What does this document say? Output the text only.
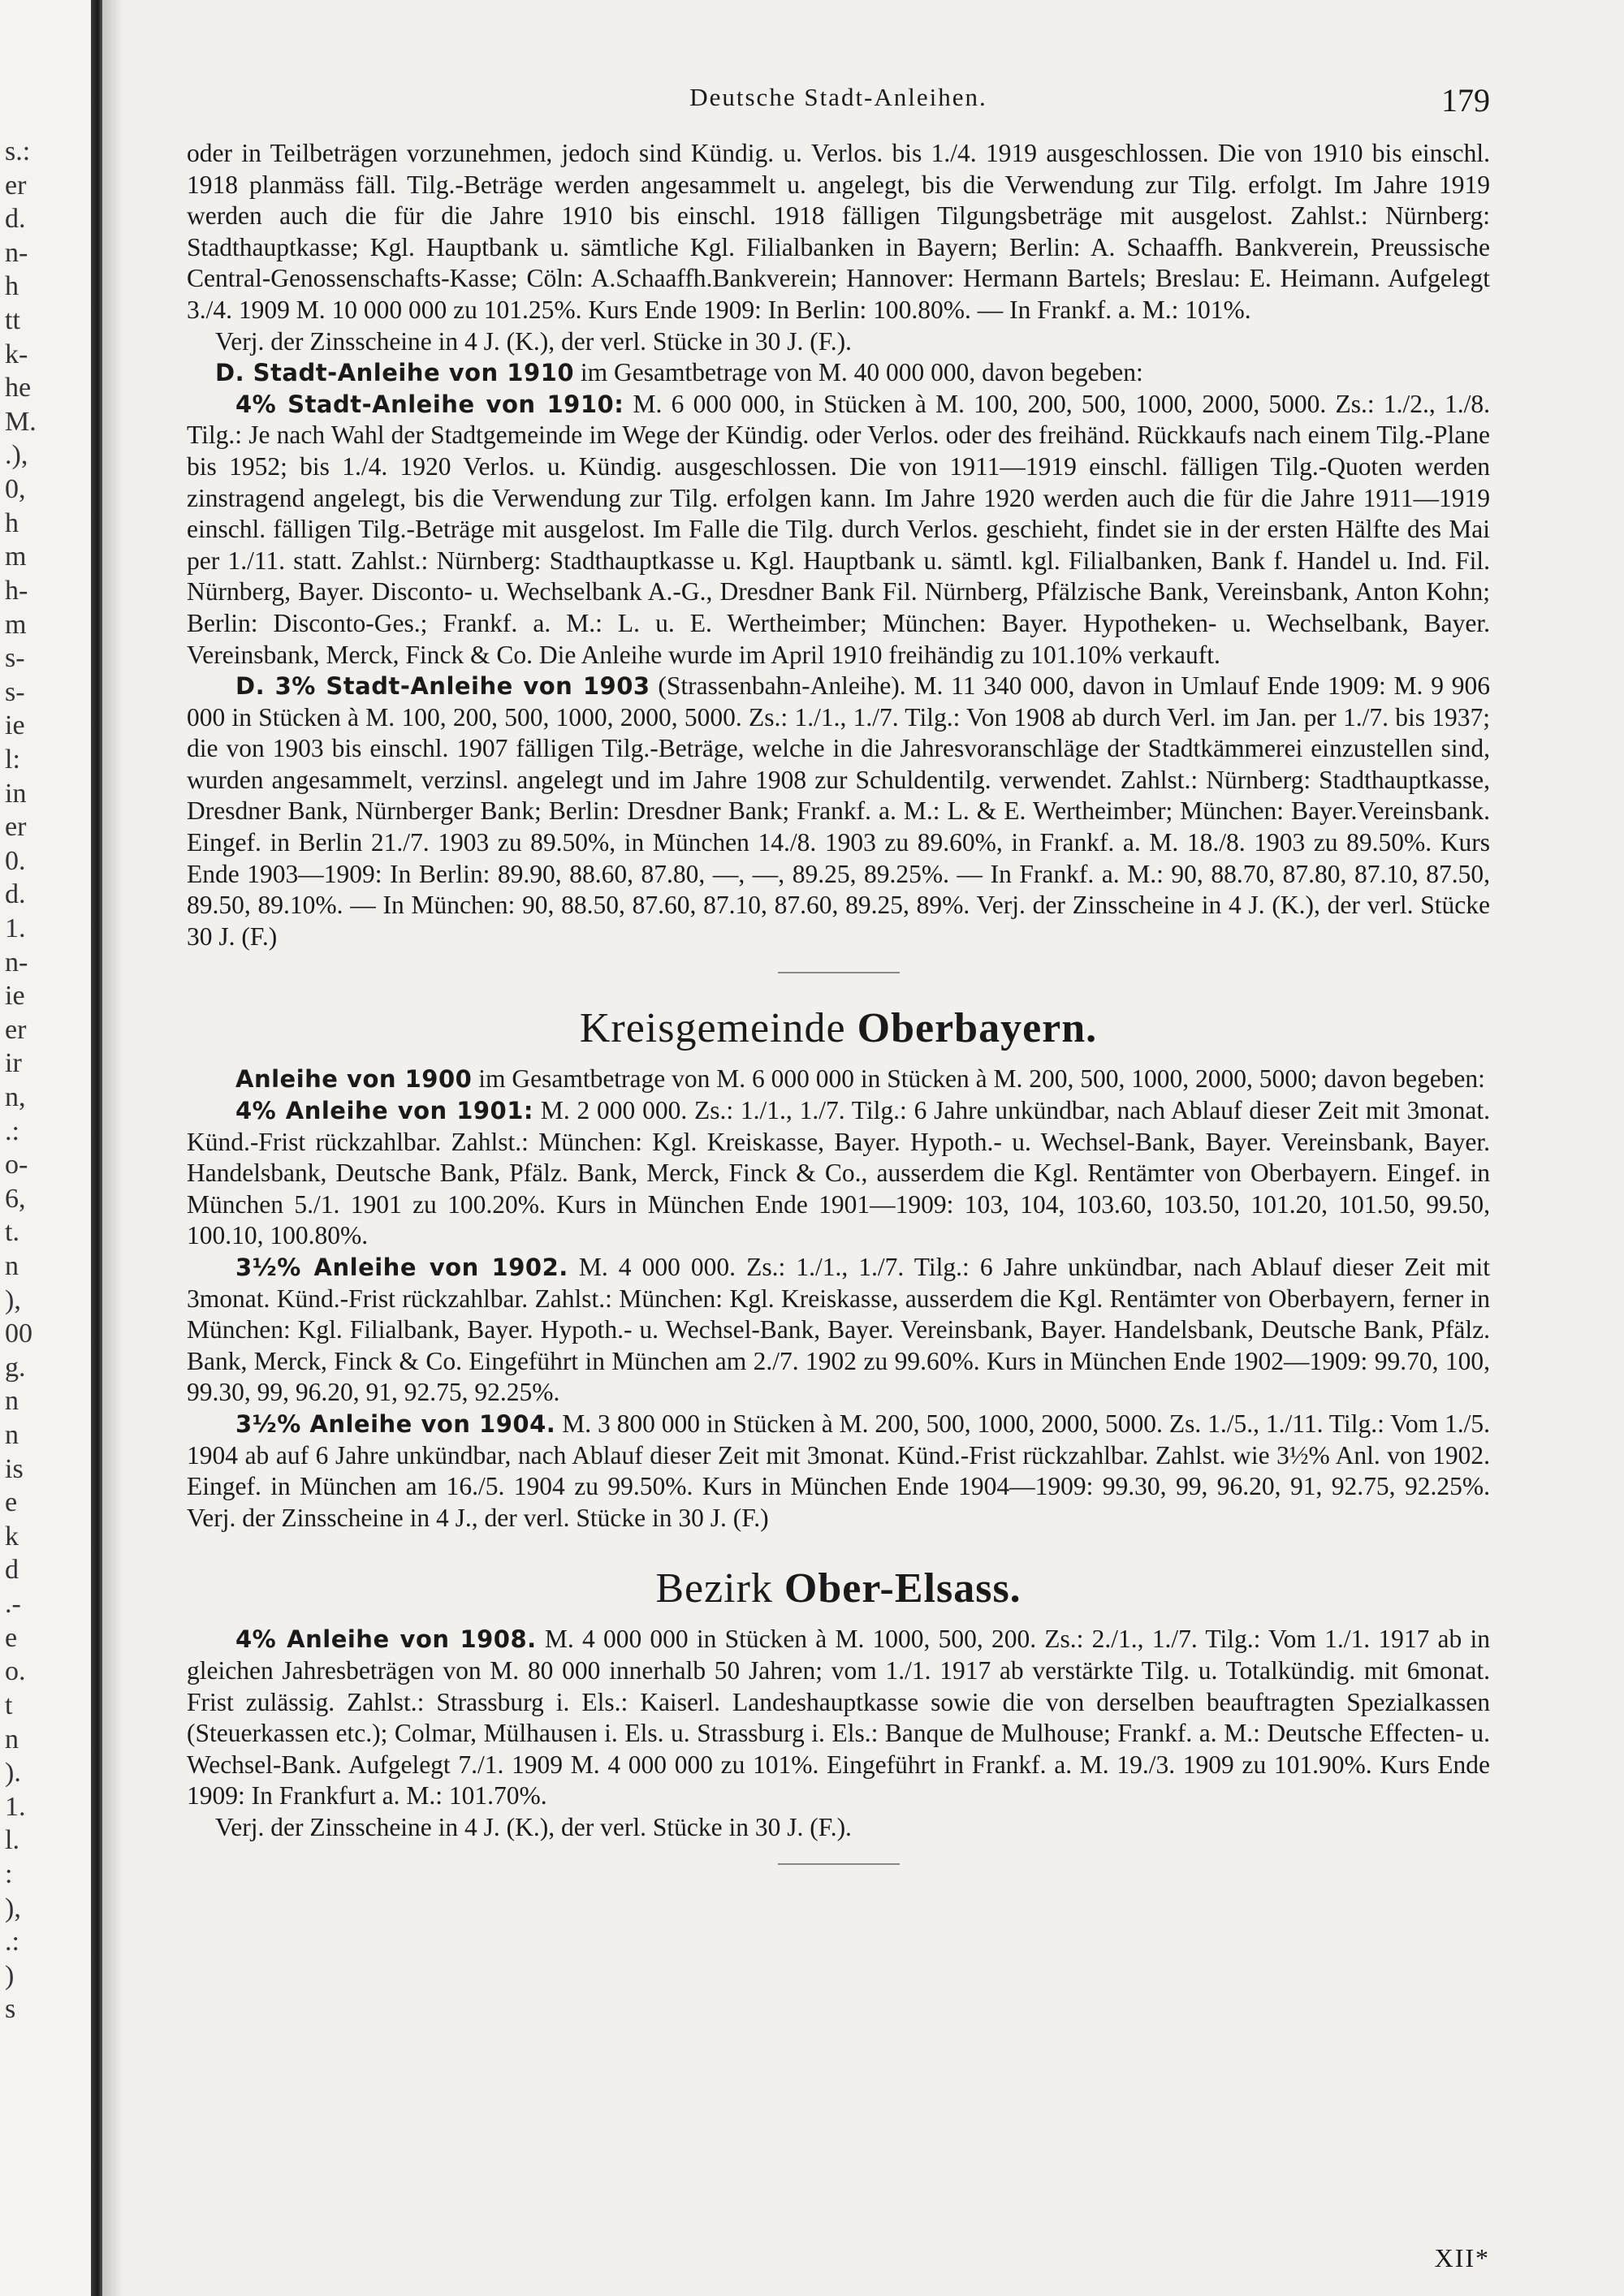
s.:
er
d.
n-
h
tt
k-
he
M.
.),
0,
h
m
h-
m
s-
s-
ie
l:
in
er
0.
d.
1.
n-
ie
er
ir
n,
.:
o-
6,
t.
n
),
00
g.
n
n
is
e
k
d
.-
e
o.
t
n
).
1.
l.
:
),
.:
)
s
Deutsche Stadt-Anleihen.	179

oder in Teilbeträgen vorzunehmen, jedoch sind Kündig. u. Verlos. bis 1./4. 1919 ausgeschlossen. Die von 1910 bis einschl. 1918 planmäss fäll. Tilg.-Beträge werden angesammelt u. angelegt, bis die Verwendung zur Tilg. erfolgt. Im Jahre 1919 werden auch die für die Jahre 1910 bis einschl. 1918 fälligen Tilgungsbeträge mit ausgelost. Zahlst.: Nürnberg: Stadthauptkasse; Kgl. Hauptbank u. sämtliche Kgl. Filialbanken in Bayern; Berlin: A. Schaaffh. Bankverein, Preussische Central-Genossenschafts-Kasse; Cöln: A.Schaaffh.Bankverein; Hannover: Hermann Bartels; Breslau: E. Heimann. Aufgelegt 3./4. 1909 M. 10 000 000 zu 101.25%. Kurs Ende 1909: In Berlin: 100.80%. — In Frankf. a. M.: 101%.

Verj. der Zinsscheine in 4 J. (K.), der verl. Stücke in 30 J. (F.).

D. Stadt-Anleihe von 1910 im Gesamtbetrage von M. 40 000 000, davon begeben:

4% Stadt-Anleihe von 1910: M. 6 000 000, in Stücken à M. 100, 200, 500, 1000, 2000, 5000. Zs.: 1./2., 1./8. Tilg.: Je nach Wahl der Stadtgemeinde im Wege der Kündig. oder Verlos. oder des freihänd. Rückkaufs nach einem Tilg.-Plane bis 1952; bis 1./4. 1920 Verlos. u. Kündig. ausgeschlossen. Die von 1911—1919 einschl. fälligen Tilg.-Quoten werden zinstragend angelegt, bis die Verwendung zur Tilg. erfolgen kann. Im Jahre 1920 werden auch die für die Jahre 1911—1919 einschl. fälligen Tilg.-Beträge mit ausgelost. Im Falle die Tilg. durch Verlos. geschieht, findet sie in der ersten Hälfte des Mai per 1./11. statt. Zahlst.: Nürnberg: Stadthauptkasse u. Kgl. Hauptbank u. sämtl. kgl. Filialbanken, Bank f. Handel u. Ind. Fil. Nürnberg, Bayer. Disconto- u. Wechselbank A.-G., Dresdner Bank Fil. Nürnberg, Pfälzische Bank, Vereinsbank, Anton Kohn; Berlin: Disconto-Ges.; Frankf. a. M.: L. u. E. Wertheimber; München: Bayer. Hypotheken- u. Wechselbank, Bayer. Vereinsbank, Merck, Finck & Co. Die Anleihe wurde im April 1910 freihändig zu 101.10% verkauft.

D. 3% Stadt-Anleihe von 1903 (Strassenbahn-Anleihe). M. 11 340 000, davon in Umlauf Ende 1909: M. 9 906 000 in Stücken à M. 100, 200, 500, 1000, 2000, 5000. Zs.: 1./1., 1./7. Tilg.: Von 1908 ab durch Verl. im Jan. per 1./7. bis 1937; die von 1903 bis einschl. 1907 fälligen Tilg.-Beträge, welche in die Jahresvoranschläge der Stadtkämmerei einzustellen sind, wurden angesammelt, verzinsl. angelegt und im Jahre 1908 zur Schuldentilg. verwendet. Zahlst.: Nürnberg: Stadthauptkasse, Dresdner Bank, Nürnberger Bank; Berlin: Dresdner Bank; Frankf. a. M.: L. & E. Wertheimber; München: Bayer.Vereinsbank. Eingef. in Berlin 21./7. 1903 zu 89.50%, in München 14./8. 1903 zu 89.60%, in Frankf. a. M. 18./8. 1903 zu 89.50%. Kurs Ende 1903—1909: In Berlin: 89.90, 88.60, 87.80, —, —, 89.25, 89.25%. — In Frankf. a. M.: 90, 88.70, 87.80, 87.10, 87.50, 89.50, 89.10%. — In München: 90, 88.50, 87.60, 87.10, 87.60, 89.25, 89%. Verj. der Zinsscheine in 4 J. (K.), der verl. Stücke 30 J. (F.)

Kreisgemeinde Oberbayern.

Anleihe von 1900 im Gesamtbetrage von M. 6 000 000 in Stücken à M. 200, 500, 1000, 2000, 5000; davon begeben:

4% Anleihe von 1901: M. 2 000 000. Zs.: 1./1., 1./7. Tilg.: 6 Jahre unkündbar, nach Ablauf dieser Zeit mit 3monat. Künd.-Frist rückzahlbar. Zahlst.: München: Kgl. Kreiskasse, Bayer. Hypoth.- u. Wechsel-Bank, Bayer. Vereinsbank, Bayer. Handelsbank, Deutsche Bank, Pfälz. Bank, Merck, Finck & Co., ausserdem die Kgl. Rentämter von Oberbayern. Eingef. in München 5./1. 1901 zu 100.20%. Kurs in München Ende 1901—1909: 103, 104, 103.60, 103.50, 101.20, 101.50, 99.50, 100.10, 100.80%.

3½% Anleihe von 1902. M. 4 000 000. Zs.: 1./1., 1./7. Tilg.: 6 Jahre unkündbar, nach Ablauf dieser Zeit mit 3monat. Künd.-Frist rückzahlbar. Zahlst.: München: Kgl. Kreiskasse, ausserdem die Kgl. Rentämter von Oberbayern, ferner in München: Kgl. Filialbank, Bayer. Hypoth.- u. Wechsel-Bank, Bayer. Vereinsbank, Bayer. Handelsbank, Deutsche Bank, Pfälz. Bank, Merck, Finck & Co. Eingeführt in München am 2./7. 1902 zu 99.60%. Kurs in München Ende 1902—1909: 99.70, 100, 99.30, 99, 96.20, 91, 92.75, 92.25%.

3½% Anleihe von 1904. M. 3 800 000 in Stücken à M. 200, 500, 1000, 2000, 5000. Zs. 1./5., 1./11. Tilg.: Vom 1./5. 1904 ab auf 6 Jahre unkündbar, nach Ablauf dieser Zeit mit 3monat. Künd.-Frist rückzahlbar. Zahlst. wie 3½% Anl. von 1902. Eingef. in München am 16./5. 1904 zu 99.50%. Kurs in München Ende 1904—1909: 99.30, 99, 96.20, 91, 92.75, 92.25%. Verj. der Zinsscheine in 4 J., der verl. Stücke in 30 J. (F.)

Bezirk Ober-Elsass.

4% Anleihe von 1908. M. 4 000 000 in Stücken à M. 1000, 500, 200. Zs.: 2./1., 1./7. Tilg.: Vom 1./1. 1917 ab in gleichen Jahresbeträgen von M. 80 000 innerhalb 50 Jahren; vom 1./1. 1917 ab verstärkte Tilg. u. Totalkündig. mit 6monat. Frist zulässig. Zahlst.: Strassburg i. Els.: Kaiserl. Landeshauptkasse sowie die von derselben beauftragten Spezialkassen (Steuerkassen etc.); Colmar, Mülhausen i. Els. u. Strassburg i. Els.: Banque de Mulhouse; Frankf. a. M.: Deutsche Effecten- u. Wechsel-Bank. Aufgelegt 7./1. 1909 M. 4 000 000 zu 101%. Eingeführt in Frankf. a. M. 19./3. 1909 zu 101.90%. Kurs Ende 1909: In Frankfurt a. M.: 101.70%.

Verj. der Zinsscheine in 4 J. (K.), der verl. Stücke in 30 J. (F.).

XII*
